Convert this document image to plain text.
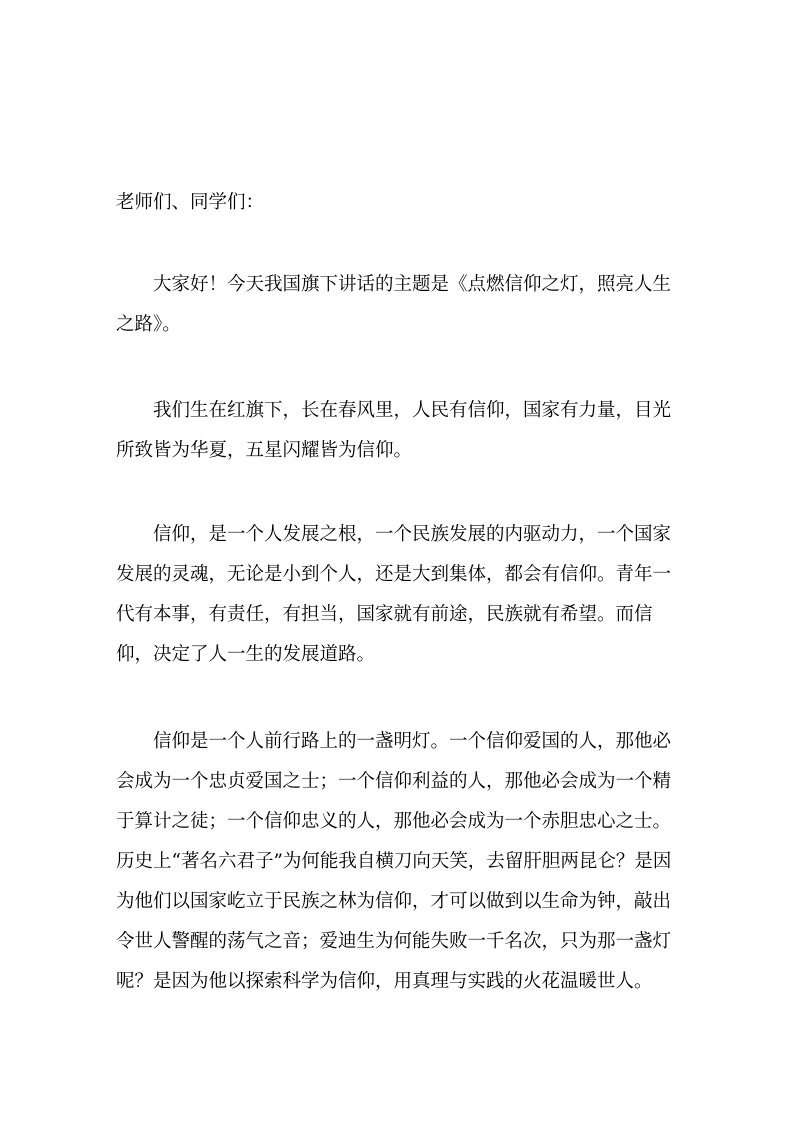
老师们、同学们：

大家好！今天我国旗下讲话的主题是《点燃信仰之灯，照亮人生之路》。

我们生在红旗下，长在春风里，人民有信仰，国家有力量，目光所致皆为华夏，五星闪耀皆为信仰。

信仰，是一个人发展之根，一个民族发展的内驱动力，一个国家发展的灵魂，无论是小到个人，还是大到集体，都会有信仰。青年一代有本事，有责任，有担当，国家就有前途，民族就有希望。而信仰，决定了人一生的发展道路。

信仰是一个人前行路上的一盏明灯。一个信仰爱国的人，那他必会成为一个忠贞爱国之士；一个信仰利益的人，那他必会成为一个精于算计之徒；一个信仰忠义的人，那他必会成为一个赤胆忠心之士。历史上“著名六君子”为何能我自横刀向天笑，去留肝胆两昆仑？是因为他们以国家屹立于民族之林为信仰，才可以做到以生命为钟，敲出令世人警醒的荡气之音；爱迪生为何能失败一千名次，只为那一盏灯呢？是因为他以探索科学为信仰，用真理与实践的火花温暖世人。
